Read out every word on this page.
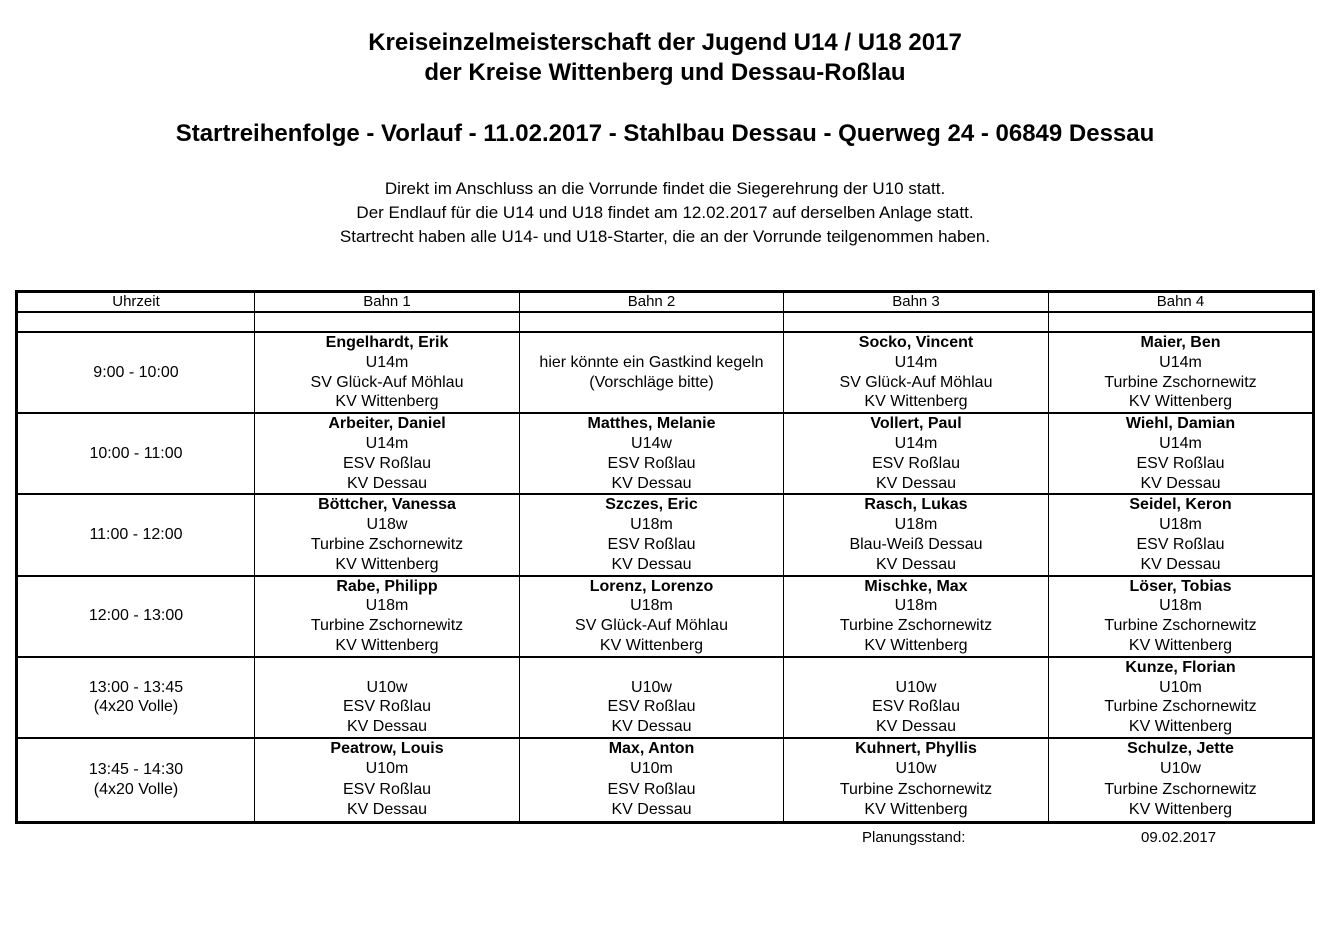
Kreiseinzelmeisterschaft der Jugend U14 / U18 2017
der Kreise Wittenberg und Dessau-Roßlau
Startreihenfolge - Vorlauf - 11.02.2017 - Stahlbau Dessau - Querweg 24 - 06849 Dessau
Direkt im Anschluss an die Vorrunde findet die Siegerehrung der U10 statt.
Der Endlauf für die U14 und U18 findet am 12.02.2017 auf derselben Anlage statt.
Startrecht haben alle U14- und U18-Starter, die an der Vorrunde teilgenommen haben.
Uhrzeit	Bahn 1	Bahn 2	Bahn 3	Bahn 4

9:00 - 10:00	Engelhardt, Erik
U14m
SV Glück-Auf Möhlau
KV Wittenberg	hier könnte ein Gastkind kegeln
(Vorschläge bitte)	Socko, Vincent
U14m
SV Glück-Auf Möhlau
KV Wittenberg	Maier, Ben
U14m
Turbine Zschornewitz
KV Wittenberg

10:00 - 11:00	Arbeiter, Daniel
U14m
ESV Roßlau
KV Dessau	Matthes, Melanie
U14w
ESV Roßlau
KV Dessau	Vollert, Paul
U14m
ESV Roßlau
KV Dessau	Wiehl, Damian
U14m
ESV Roßlau
KV Dessau

11:00 - 12:00	Böttcher, Vanessa
U18w
Turbine Zschornewitz
KV Wittenberg	Szczes, Eric
U18m
ESV Roßlau
KV Dessau	Rasch, Lukas
U18m
Blau-Weiß Dessau
KV Dessau	Seidel, Keron
U18m
ESV Roßlau
KV Dessau

12:00 - 13:00	Rabe, Philipp
U18m
Turbine Zschornewitz
KV Wittenberg	Lorenz, Lorenzo
U18m
SV Glück-Auf Möhlau
KV Wittenberg	Mischke, Max
U18m
Turbine Zschornewitz
KV Wittenberg	Löser, Tobias
U18m
Turbine Zschornewitz
KV Wittenberg

13:00 - 13:45
(4x20 Volle)	U10w
ESV Roßlau
KV Dessau	U10w
ESV Roßlau
KV Dessau	U10w
ESV Roßlau
KV Dessau	Kunze, Florian
U10m
Turbine Zschornewitz
KV Wittenberg

13:45 - 14:30
(4x20 Volle)	Peatrow, Louis
U10m
ESV Roßlau
KV Dessau	Max, Anton
U10m
ESV Roßlau
KV Dessau	Kuhnert, Phyllis
U10w
Turbine Zschornewitz
KV Wittenberg	Schulze, Jette
U10w
Turbine Zschornewitz
KV Wittenberg
Planungsstand:	09.02.2017
